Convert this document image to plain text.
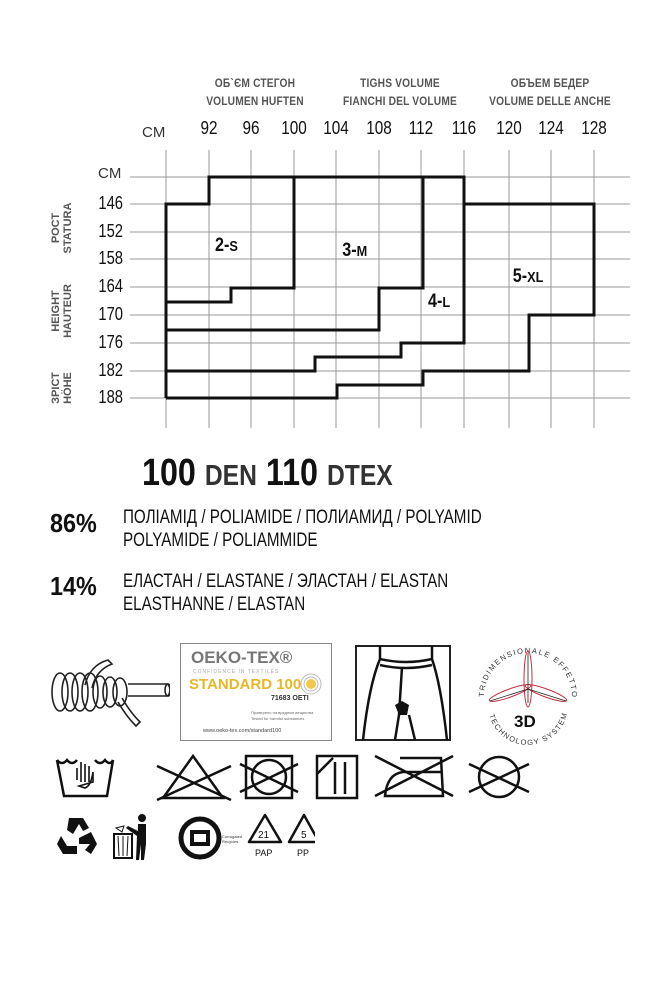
ОБ`ЄМ СТЕГОН
VOLUMEN HUFTEN
TIGHS VOLUME
FIANCHI DEL VOLUME
ОБЪЕМ БЕДЕР
VOLUME DELLE ANCHE
CM	92	96	100 104 108 112	116	120 124 128
CM
146
152
158
164
170
176
182
188
РОСТ STATURA
HEIGHT HAUTEUR
ЗРІСТ HÖHE
2-S	3-M
4-L
5-XL
100 DEN 110 DTEX
86% ПОЛІАМІД / POLIAMIDE / ПОЛИАМИД / POLYAMID
POLYAMIDE / POLIAMMIDE
14% ЕЛАСТАН / ELASTANE / ЭЛАСТАН / ELASTAN
ELASTHANNE / ELASTAN
OEKO-TEX®
CONFIDENCE IN TEXTILES
STANDARD 100
71683 OETI
Проверено на вредные вещества
Tested for harmful substances
www.oeko-tex.com/standard100
TRIDIMENSIONALE EFFETTO
TECHNOLOGY SYSTEM
3D
Corrugated
Recycles
21
PAP
5
PP
